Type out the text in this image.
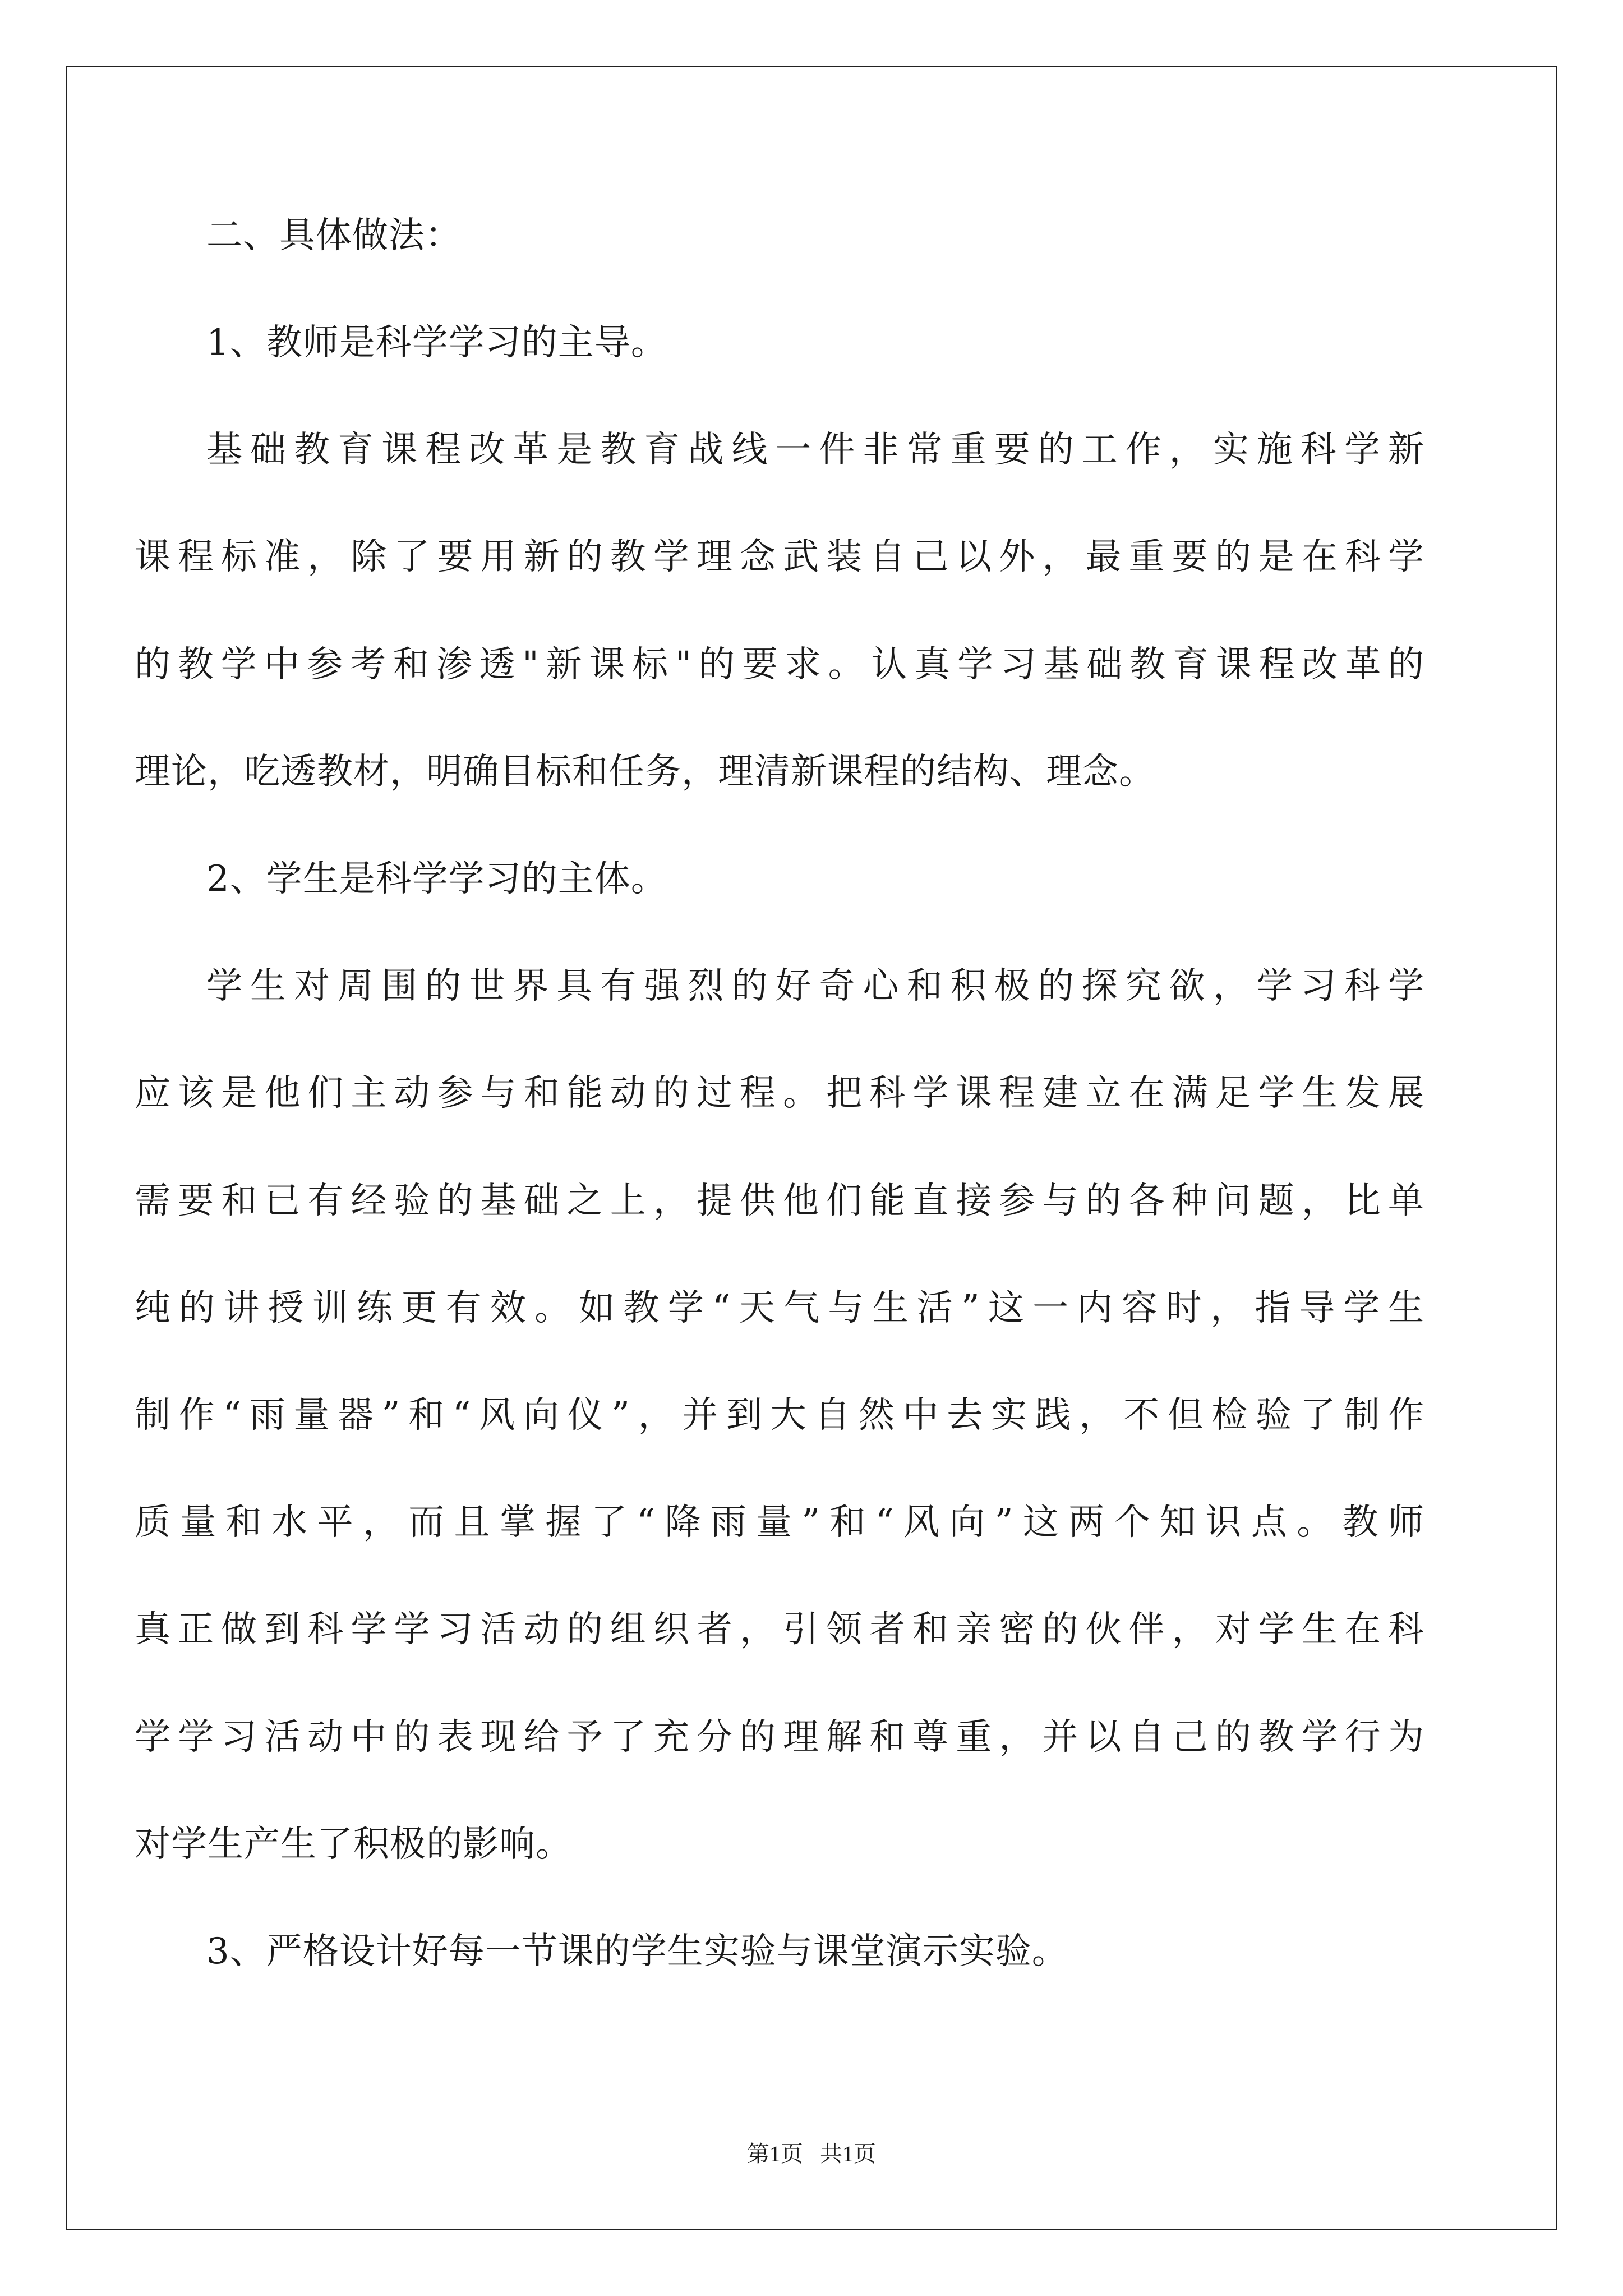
二、具体做法：
1、教师是科学学习的主导。
基础教育课程改革是教育战线一件非常重要的工作，实施科学新
课程标准，除了要用新的教学理念武装自己以外，最重要的是在科学
的教学中参考和渗透"新课标"的要求。认真学习基础教育课程改革的
理论，吃透教材，明确目标和任务，理清新课程的结构、理念。
2、学生是科学学习的主体。
学生对周围的世界具有强烈的好奇心和积极的探究欲，学习科学
应该是他们主动参与和能动的过程。把科学课程建立在满足学生发展
需要和已有经验的基础之上，提供他们能直接参与的各种问题，比单
纯的讲授训练更有效。如教学“天气与生活”这一内容时，指导学生
制作“雨量器”和“风向仪”，并到大自然中去实践，不但检验了制作
质量和水平，而且掌握了“降雨量”和“风向”这两个知识点。教师
真正做到科学学习活动的组织者，引领者和亲密的伙伴，对学生在科
学学习活动中的表现给予了充分的理解和尊重，并以自己的教学行为
对学生产生了积极的影响。
3、严格设计好每一节课的学生实验与课堂演示实验。
第1页 共1页
